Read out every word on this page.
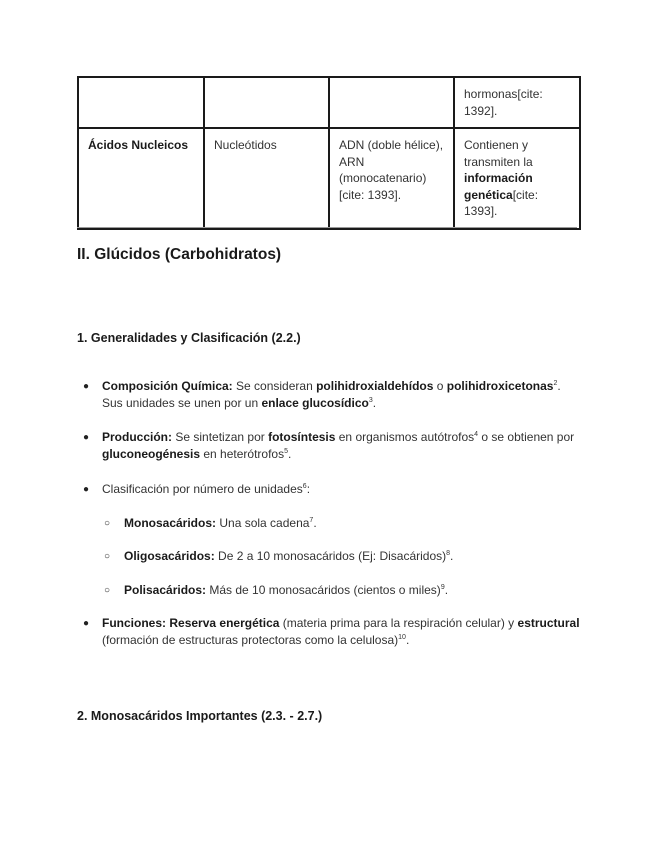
			hormonas[cite: 1392].
Ácidos Nucleicos	Nucleótidos	ADN (doble hélice), ARN (monocatenario)[cite: 1393].	Contienen y transmiten la información genética[cite: 1393].
II. Glúcidos (Carbohidratos)
1. Generalidades y Clasificación (2.2.)
● Composición Química: Se consideran polihidroxialdehídos o polihidroxicetonas$^2$. Sus unidades se unen por un enlace glucosídico$^3$.
● Producción: Se sintetizan por fotosíntesis en organismos autótrofos$^4$ o se obtienen por gluconeogénesis en heterótrofos$^5$.
● Clasificación por número de unidades$^6$:
○ Monosacáridos: Una sola cadena$^7$.
○ Oligosacáridos: De 2 a 10 monosacáridos (Ej: Disacáridos)$^8$.
○ Polisacáridos: Más de 10 monosacáridos (cientos o miles)$^9$.
● Funciones: Reserva energética (materia prima para la respiración celular) y estructural (formación de estructuras protectoras como la celulosa)$^{10}$.
2. Monosacáridos Importantes (2.3. - 2.7.)
